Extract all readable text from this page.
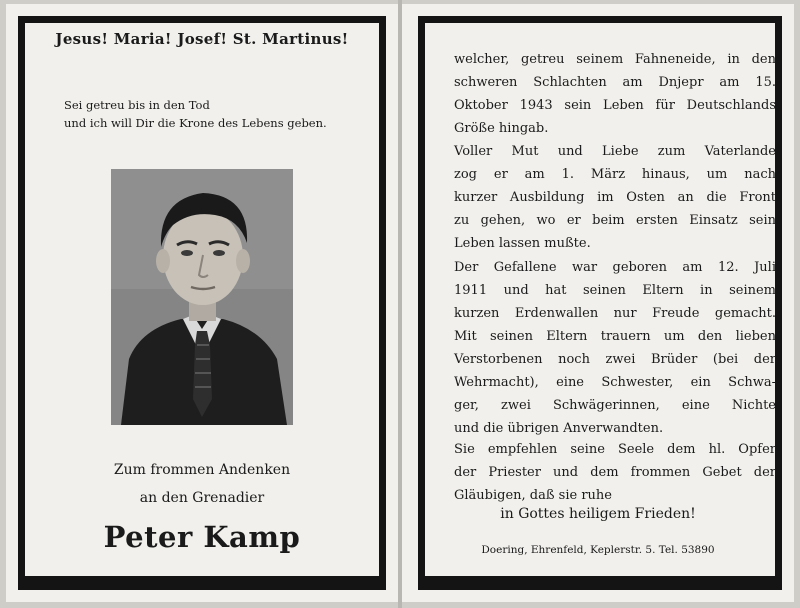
Jesus! Maria! Josef! St. Martinus!
Sei getreu bis in den Tod
und ich will Dir die Krone des Lebens geben.
Zum frommen Andenken
an den Grenadier
Peter Kamp
welcher, getreu seinem Fahneneide, in den
schweren Schlachten am Dnjepr am 15.
Oktober 1943 sein Leben für Deutschlands
Größe hingab.
Voller Mut und Liebe zum Vaterlande
zog er am 1. März hinaus, um nach
kurzer Ausbildung im Osten an die Front
zu gehen, wo er beim ersten Einsatz sein
Leben lassen mußte.
Der Gefallene war geboren am 12. Juli
1911 und hat seinen Eltern in seinem
kurzen Erdenwallen nur Freude gemacht.
Mit seinen Eltern trauern um den lieben
Verstorbenen noch zwei Brüder (bei der
Wehrmacht), eine Schwester, ein Schwa-
ger, zwei Schwägerinnen, eine Nichte
und die übrigen Anverwandten.
Sie empfehlen seine Seele dem hl. Opfer
der Priester und dem frommen Gebet der
Gläubigen, daß sie ruhe
in Gottes heiligem Frieden!
Doering, Ehrenfeld, Keplerstr. 5. Tel. 53890
